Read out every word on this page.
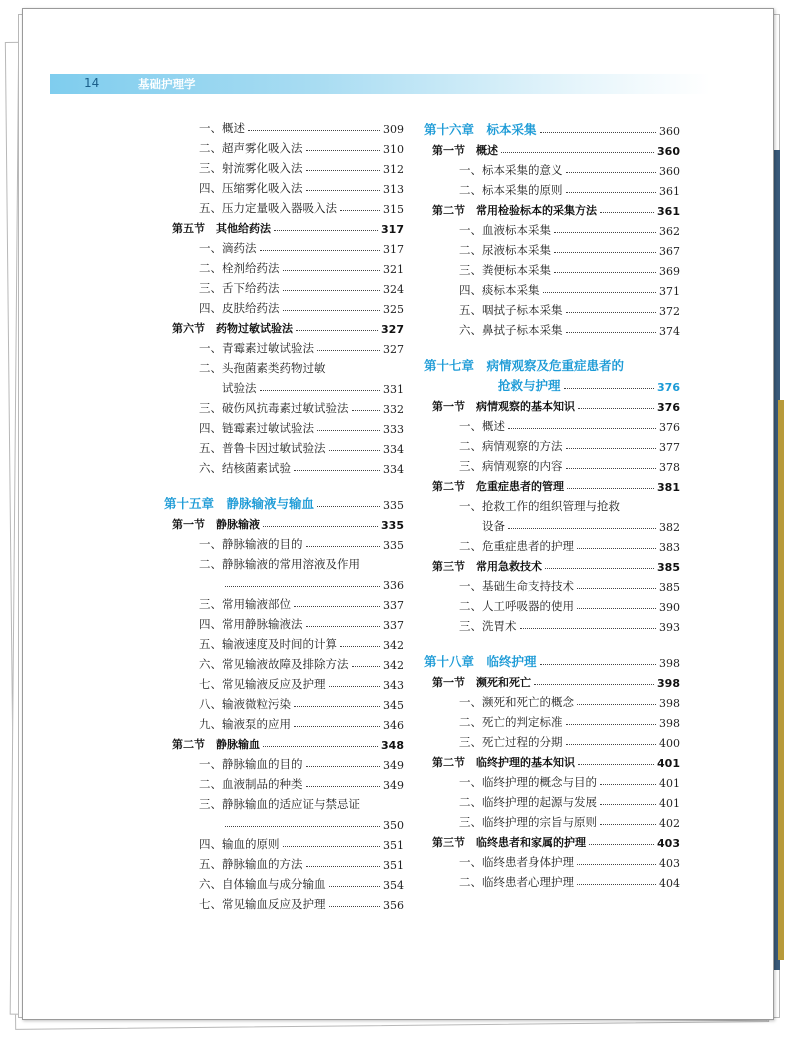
14	基础护理学
一、概述	309
二、超声雾化吸入法	310
三、射流雾化吸入法	312
四、压缩雾化吸入法	313
五、压力定量吸入器吸入法	315
第五节　其他给药法	317
一、滴药法	317
二、栓剂给药法	321
三、舌下给药法	324
四、皮肤给药法	325
第六节　药物过敏试验法	327
一、青霉素过敏试验法	327
二、头孢菌素类药物过敏
试验法	331
三、破伤风抗毒素过敏试验法	332
四、链霉素过敏试验法	333
五、普鲁卡因过敏试验法	334
六、结核菌素试验	334
第十五章　静脉输液与输血	335
第一节　静脉输液	335
一、静脉输液的目的	335
二、静脉输液的常用溶液及作用
336
三、常用输液部位	337
四、常用静脉输液法	337
五、输液速度及时间的计算	342
六、常见输液故障及排除方法	342
七、常见输液反应及护理	343
八、输液微粒污染	345
九、输液泵的应用	346
第二节　静脉输血	348
一、静脉输血的目的	349
二、血液制品的种类	349
三、静脉输血的适应证与禁忌证
350
四、输血的原则	351
五、静脉输血的方法	351
六、自体输血与成分输血	354
七、常见输血反应及护理	356
第十六章　标本采集	360
第一节　概述	360
一、标本采集的意义	360
二、标本采集的原则	361
第二节　常用检验标本的采集方法	361
一、血液标本采集	362
二、尿液标本采集	367
三、粪便标本采集	369
四、痰标本采集	371
五、咽拭子标本采集	372
六、鼻拭子标本采集	374
第十七章　病情观察及危重症患者的
抢救与护理	376
第一节　病情观察的基本知识	376
一、概述	376
二、病情观察的方法	377
三、病情观察的内容	378
第二节　危重症患者的管理	381
一、抢救工作的组织管理与抢救
设备	382
二、危重症患者的护理	383
第三节　常用急救技术	385
一、基础生命支持技术	385
二、人工呼吸器的使用	390
三、洗胃术	393
第十八章　临终护理	398
第一节　濒死和死亡	398
一、濒死和死亡的概念	398
二、死亡的判定标准	398
三、死亡过程的分期	400
第二节　临终护理的基本知识	401
一、临终护理的概念与目的	401
二、临终护理的起源与发展	401
三、临终护理的宗旨与原则	402
第三节　临终患者和家属的护理	403
一、临终患者身体护理	403
二、临终患者心理护理	404
